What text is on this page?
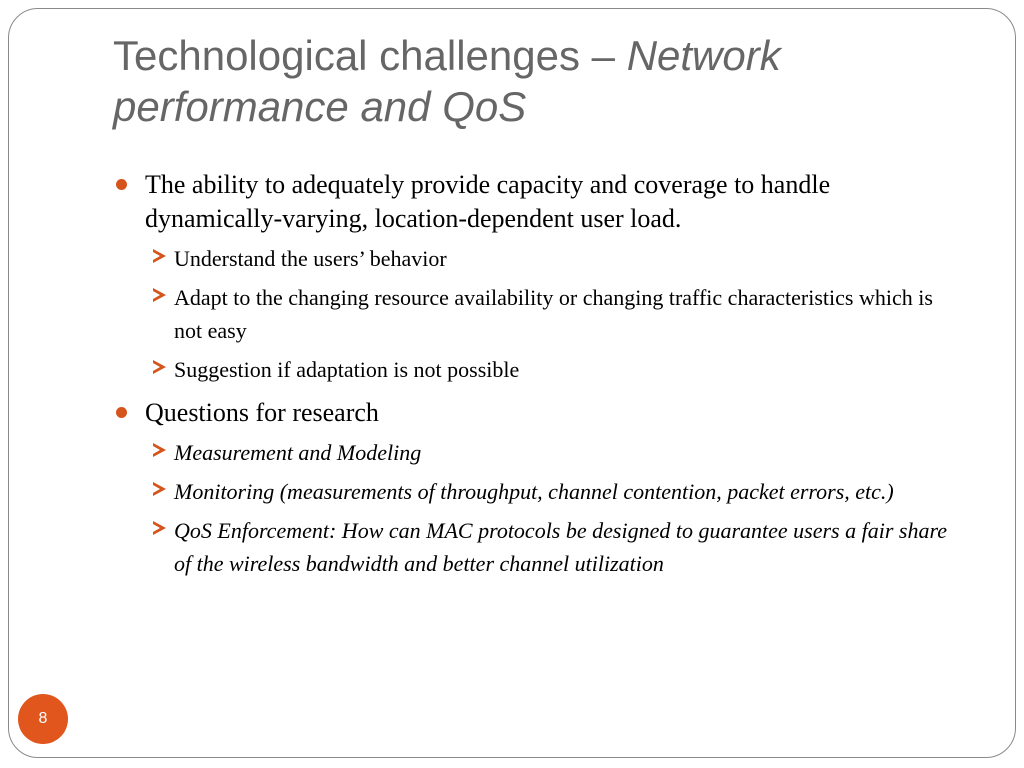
Technological challenges – Network performance and QoS
The ability to adequately provide capacity and coverage to handle dynamically-varying, location-dependent user load.
Understand the users’ behavior
Adapt to the changing resource availability or changing traffic characteristics which is not easy
Suggestion if adaptation is not possible
Questions for research
Measurement and Modeling
Monitoring (measurements of throughput, channel contention, packet errors, etc.)
QoS Enforcement: How can MAC protocols be designed to guarantee users a fair share of the wireless bandwidth and better channel utilization
8
